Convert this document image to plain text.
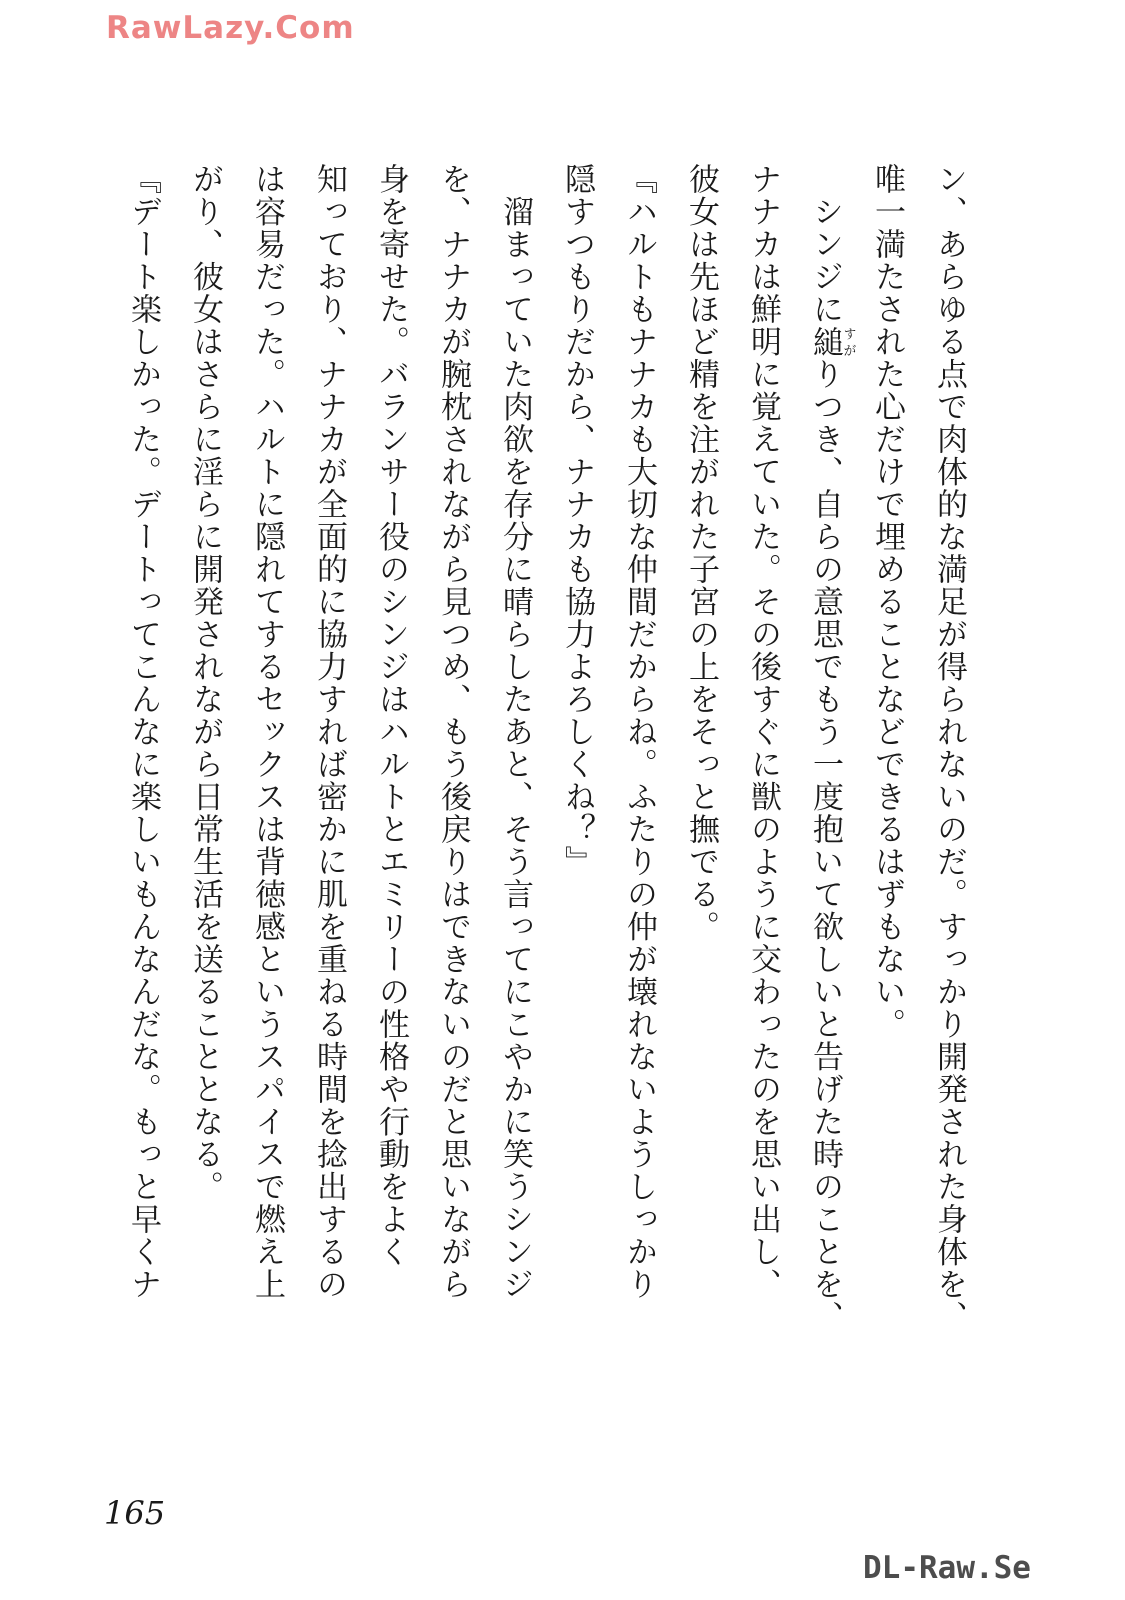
RawLazy.Com

ン、あらゆる点で肉体的な満足が得られないのだ。すっかり開発された身体を、

唯一満たされた心だけで埋めることなどできるはずもない。

　シンジに縋すがりつき、自らの意思でもう一度抱いて欲しいと告げた時のことを、

ナナカは鮮明に覚えていた。その後すぐに獣のように交わったのを思い出し、

彼女は先ほど精を注がれた子宮の上をそっと撫でる。

『ハルトもナナカも大切な仲間だからね。ふたりの仲が壊れないようしっかり

隠すつもりだから、ナナカも協力よろしくね？』

　溜まっていた肉欲を存分に晴らしたあと、そう言ってにこやかに笑うシンジ

を、ナナカが腕枕されながら見つめ、もう後戻りはできないのだと思いながら

身を寄せた。バランサー役のシンジはハルトとエミリーの性格や行動をよく

知っており、ナナカが全面的に協力すれば密かに肌を重ねる時間を捻出するの

は容易だった。ハルトに隠れてするセックスは背徳感というスパイスで燃え上

がり、彼女はさらに淫らに開発されながら日常生活を送ることとなる。

『デート楽しかった。デートってこんなに楽しいもんなんだな。もっと早くナ

165
DL-Raw.Se
